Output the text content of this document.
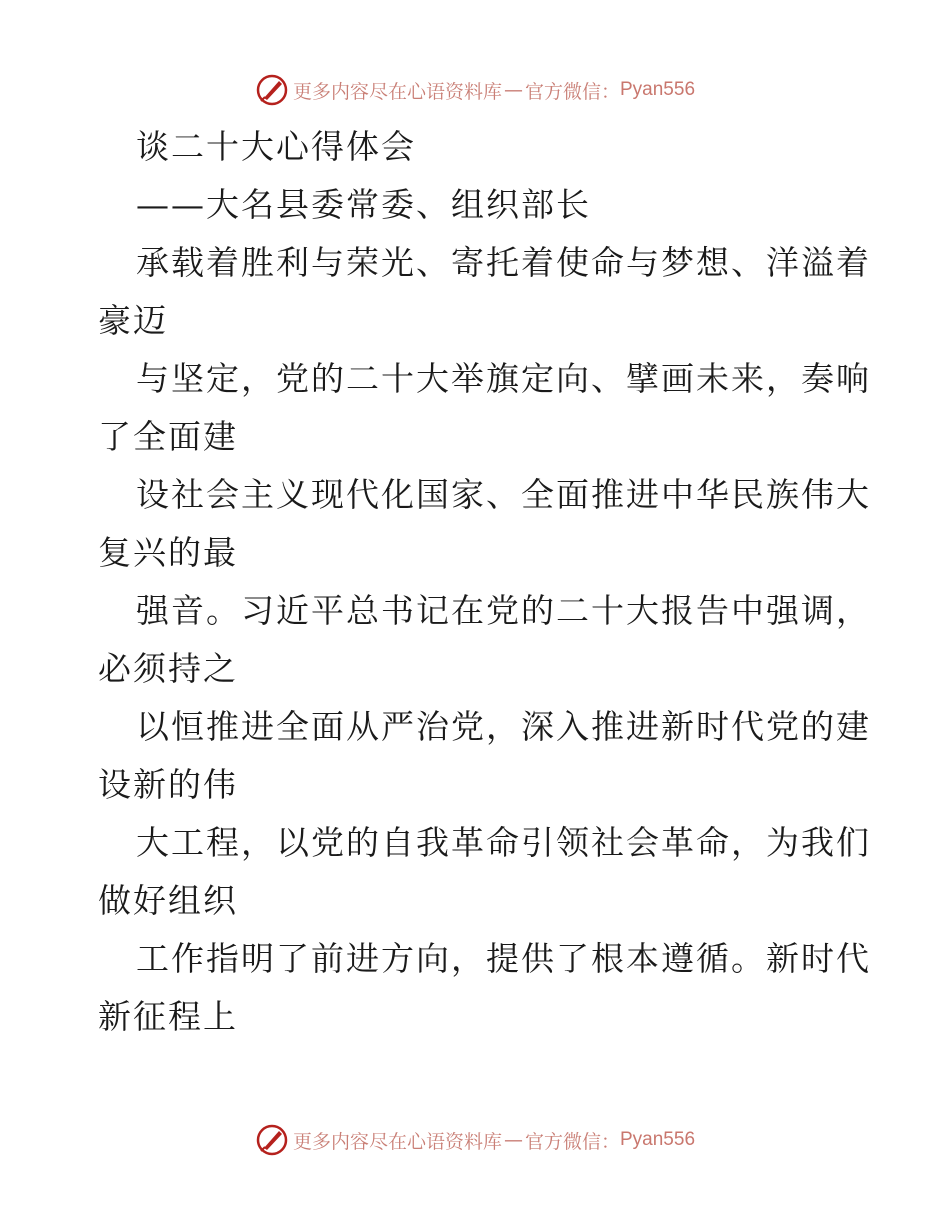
更多内容尽在心语资料库 — 官方微信： Pyan556
谈二十大心得体会
——大名县委常委、组织部长
承载着胜利与荣光、寄托着使命与梦想、洋溢着
豪迈
与坚定，党的二十大举旗定向、擘画未来，奏响
了全面建
设社会主义现代化国家、全面推进中华民族伟大
复兴的最
强音。习近平总书记在党的二十大报告中强调，
必须持之
以恒推进全面从严治党，深入推进新时代党的建
设新的伟
大工程，以党的自我革命引领社会革命，为我们
做好组织
工作指明了前进方向，提供了根本遵循。新时代
新征程上
更多内容尽在心语资料库 — 官方微信： Pyan556
